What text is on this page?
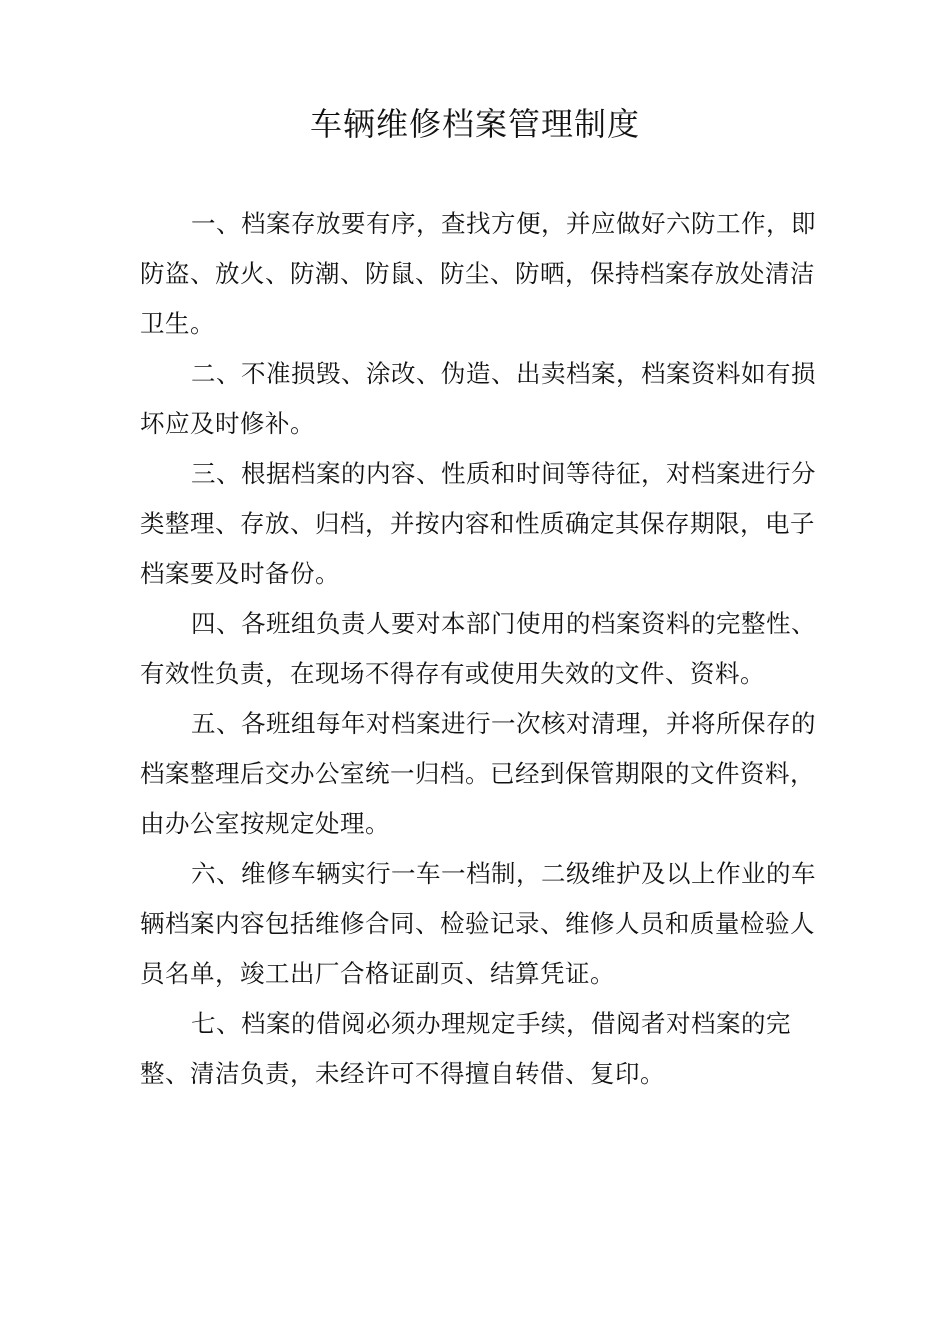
车辆维修档案管理制度

一、档案存放要有序，查找方便，并应做好六防工作，即防盗、放火、防潮、防鼠、防尘、防晒，保持档案存放处清洁卫生。

二、不准损毁、涂改、伪造、出卖档案，档案资料如有损坏应及时修补。

三、根据档案的内容、性质和时间等待征，对档案进行分类整理、存放、归档，并按内容和性质确定其保存期限，电子档案要及时备份。

四、各班组负责人要对本部门使用的档案资料的完整性、有效性负责，在现场不得存有或使用失效的文件、资料。

五、各班组每年对档案进行一次核对清理，并将所保存的档案整理后交办公室统一归档。已经到保管期限的文件资料，由办公室按规定处理。

六、维修车辆实行一车一档制，二级维护及以上作业的车辆档案内容包括维修合同、检验记录、维修人员和质量检验人员名单，竣工出厂合格证副页、结算凭证。

七、档案的借阅必须办理规定手续，借阅者对档案的完整、清洁负责，未经许可不得擅自转借、复印。
